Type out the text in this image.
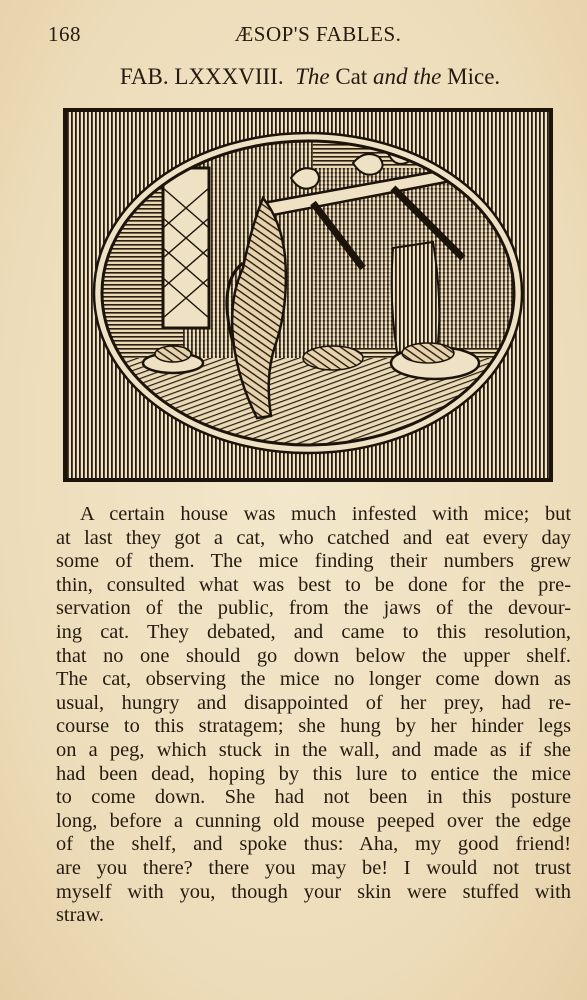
168	ÆSOP'S FABLES.
FAB. LXXXVIII. The Cat and the Mice.
A certain house was much infested with mice; but
at last they got a cat, who catched and eat every day
some of them. The mice finding their numbers grew
thin, consulted what was best to be done for the pre-
servation of the public, from the jaws of the devour-
ing cat. They debated, and came to this resolution,
that no one should go down below the upper shelf.
The cat, observing the mice no longer come down as
usual, hungry and disappointed of her prey, had re-
course to this stratagem; she hung by her hinder legs
on a peg, which stuck in the wall, and made as if she
had been dead, hoping by this lure to entice the mice
to come down. She had not been in this posture
long, before a cunning old mouse peeped over the edge
of the shelf, and spoke thus: Aha, my good friend!
are you there? there you may be! I would not trust
myself with you, though your skin were stuffed with
straw.
